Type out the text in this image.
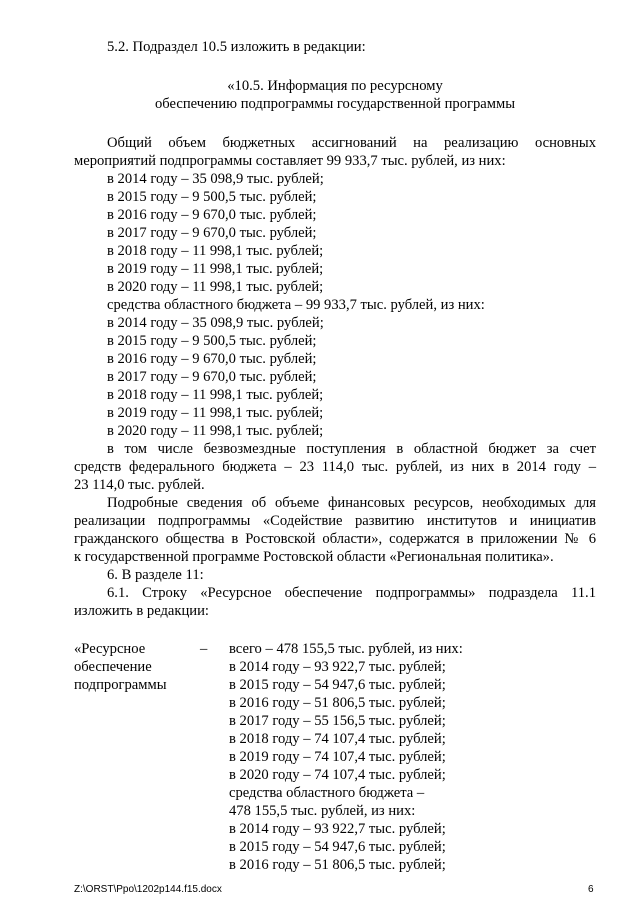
5.2. Подраздел 10.5 изложить в редакции:
«10.5. Информация по ресурсному
обеспечению подпрограммы государственной программы
Общий объем бюджетных ассигнований на реализацию основных
мероприятий подпрограммы составляет 99 933,7 тыс. рублей, из них:
в 2014 году – 35 098,9 тыс. рублей;
в 2015 году – 9 500,5 тыс. рублей;
в 2016 году – 9 670,0 тыс. рублей;
в 2017 году – 9 670,0 тыс. рублей;
в 2018 году – 11 998,1 тыс. рублей;
в 2019 году – 11 998,1 тыс. рублей;
в 2020 году – 11 998,1 тыс. рублей;
средства областного бюджета – 99 933,7 тыс. рублей, из них:
в 2014 году – 35 098,9 тыс. рублей;
в 2015 году – 9 500,5 тыс. рублей;
в 2016 году – 9 670,0 тыс. рублей;
в 2017 году – 9 670,0 тыс. рублей;
в 2018 году – 11 998,1 тыс. рублей;
в 2019 году – 11 998,1 тыс. рублей;
в 2020 году – 11 998,1 тыс. рублей;
в том числе безвозмездные поступления в областной бюджет за счет
средств федерального бюджета – 23 114,0 тыс. рублей, из них в 2014 году –
23 114,0 тыс. рублей.
Подробные сведения об объеме финансовых ресурсов, необходимых для
реализации подпрограммы «Содействие развитию институтов и инициатив
гражданского общества в Ростовской области», содержатся в приложении № 6
к государственной программе Ростовской области «Региональная политика».
6. В разделе 11:
6.1. Строку «Ресурсное обеспечение подпрограммы» подраздела 11.1
изложить в редакции:
«Ресурсное
обеспечение
подпрограммы
– всего – 478 155,5 тыс. рублей, из них:
в 2014 году – 93 922,7 тыс. рублей;
в 2015 году – 54 947,6 тыс. рублей;
в 2016 году – 51 806,5 тыс. рублей;
в 2017 году – 55 156,5 тыс. рублей;
в 2018 году – 74 107,4 тыс. рублей;
в 2019 году – 74 107,4 тыс. рублей;
в 2020 году – 74 107,4 тыс. рублей;
средства областного бюджета –
478 155,5 тыс. рублей, из них:
в 2014 году – 93 922,7 тыс. рублей;
в 2015 году – 54 947,6 тыс. рублей;
в 2016 году – 51 806,5 тыс. рублей;
Z:\ORST\Ppo\1202p144.f15.docx	6
